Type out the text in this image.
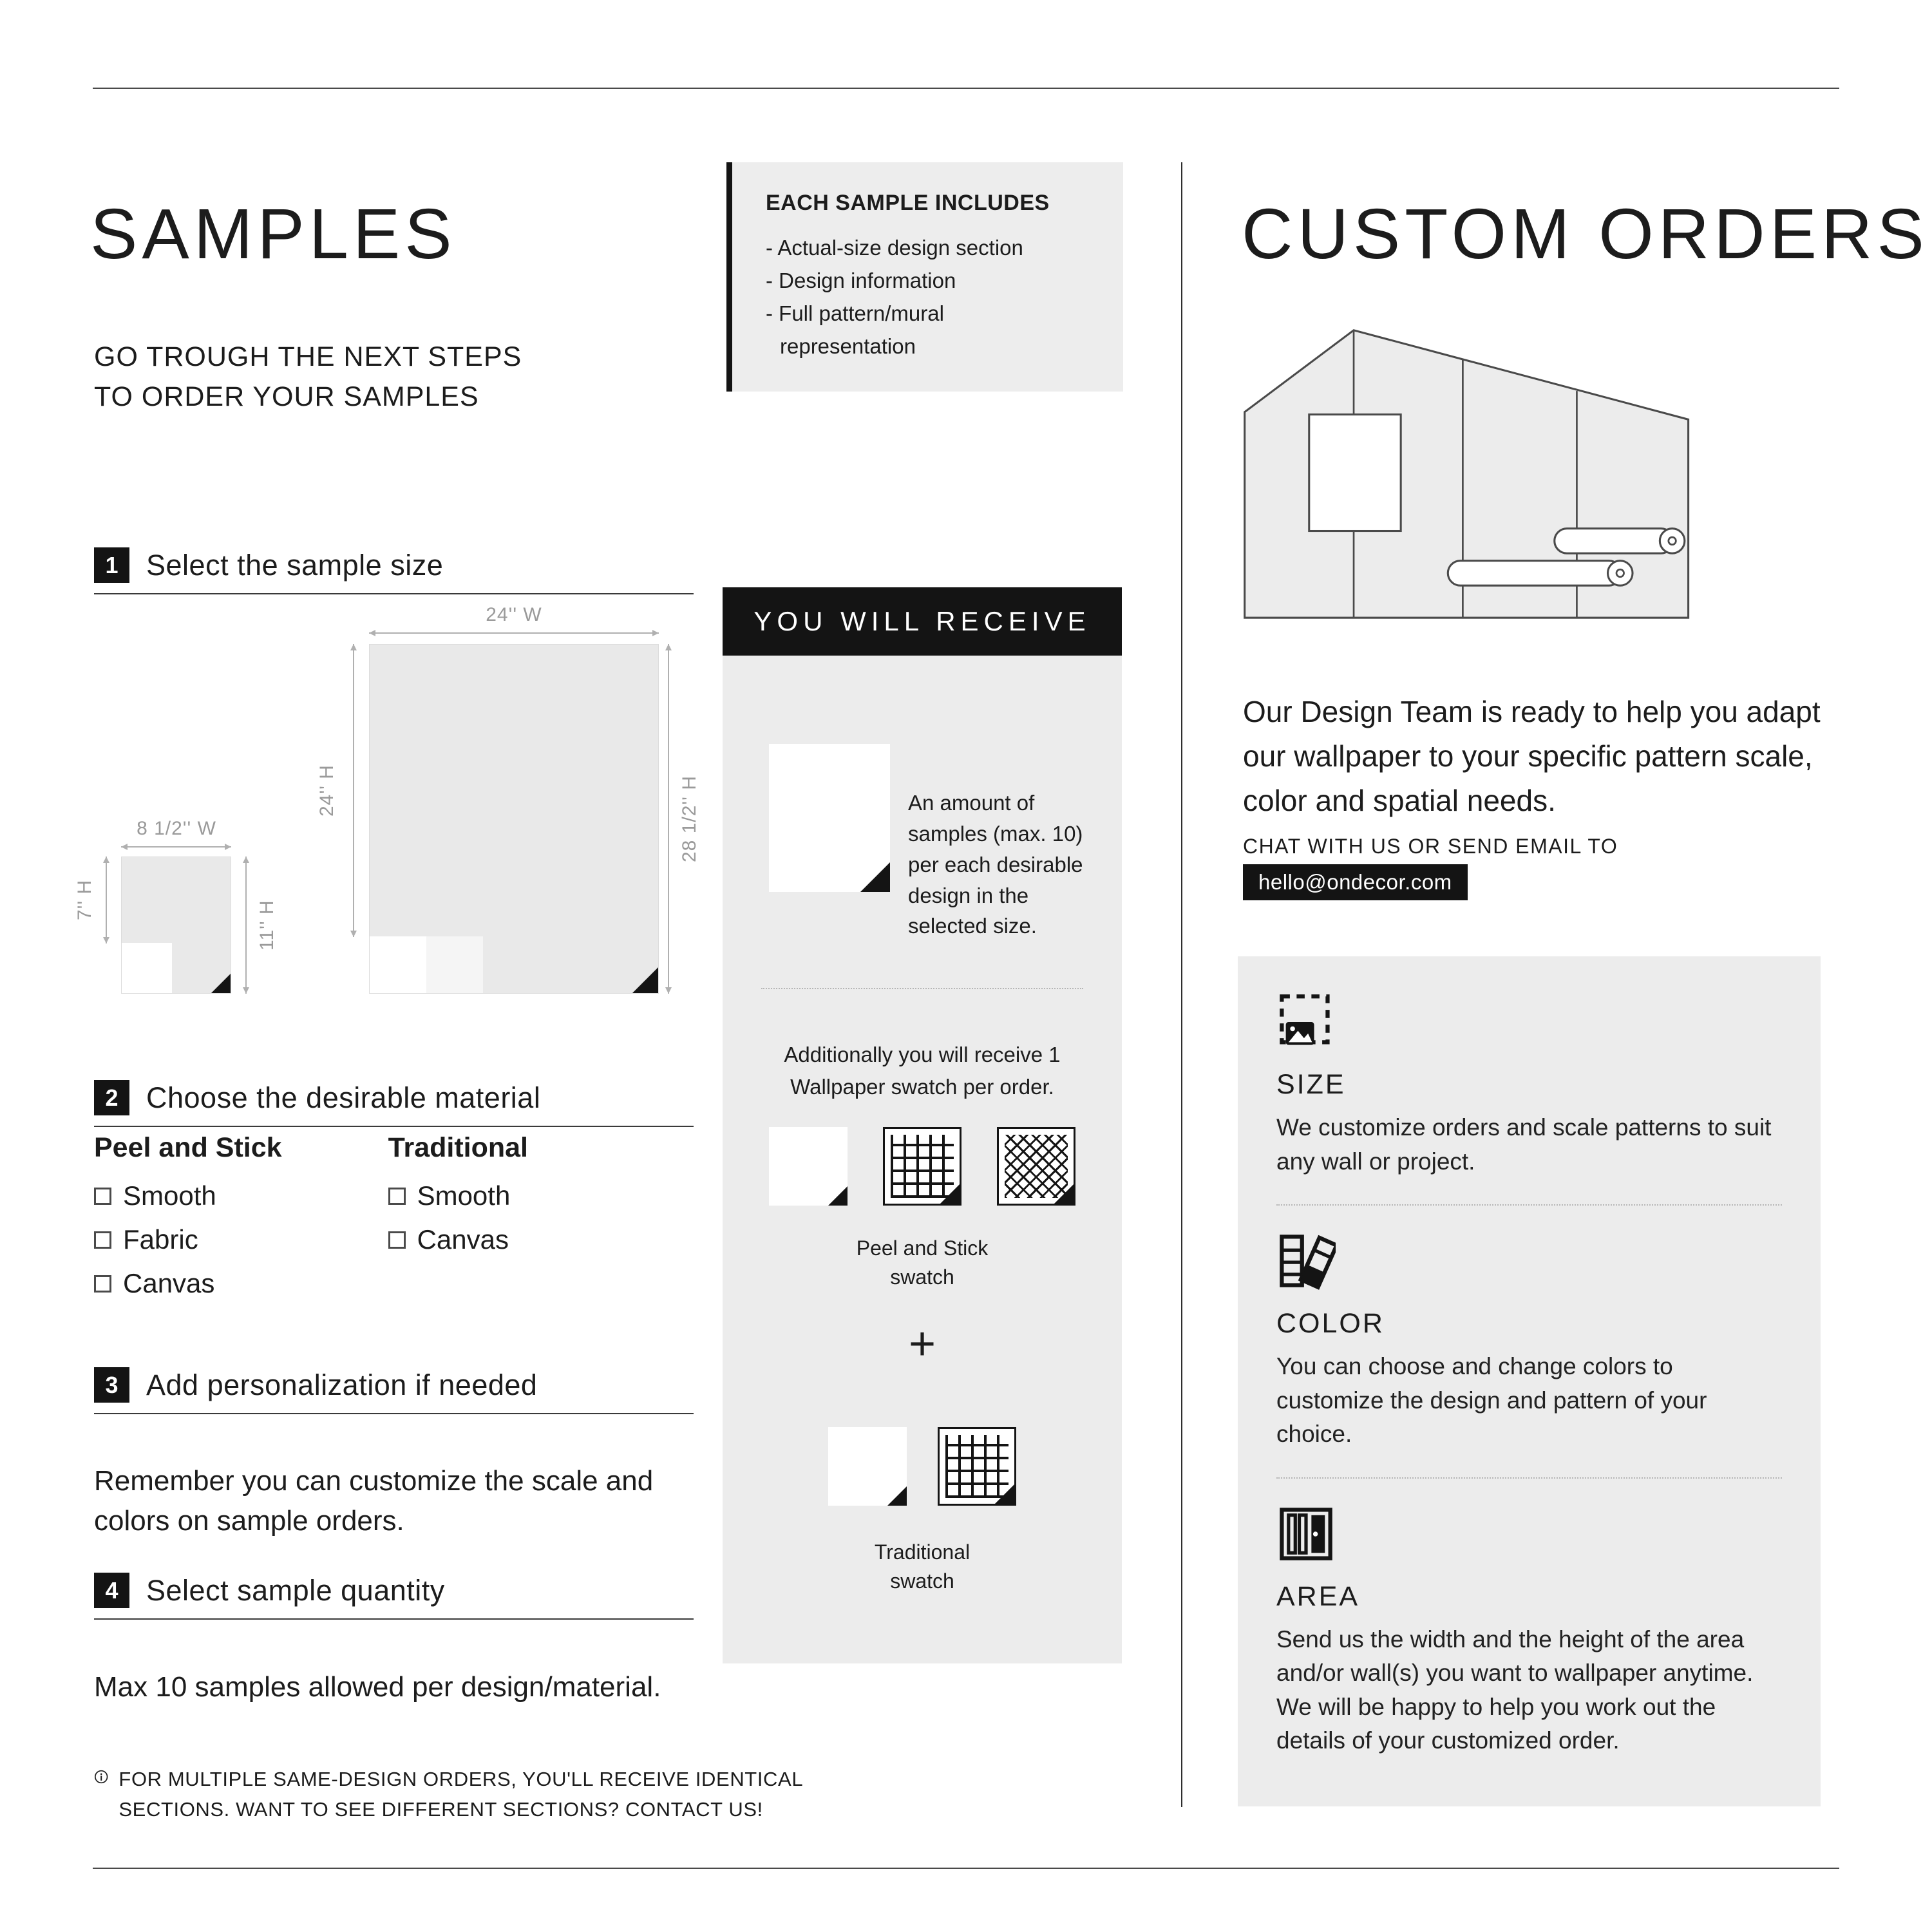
SAMPLES

GO TROUGH THE NEXT STEPS
TO ORDER YOUR SAMPLES

EACH SAMPLE INCLUDES
- Actual-size design section
- Design information
- Full pattern/mural representation
1 Select the sample size
24'' W
24'' H	28 1/2'' H
8 1/2'' W
7'' H	11'' H
2 Choose the desirable material
Peel and Stick
Smooth
Fabric
Canvas
Traditional
Smooth
Canvas
3 Add personalization if needed

Remember you can customize the scale and colors on sample orders.

4 Select sample quantity

Max 10 samples allowed per design/material.

FOR MULTIPLE SAME-DESIGN ORDERS, YOU'LL RECEIVE IDENTICAL SECTIONS. WANT TO SEE DIFFERENT SECTIONS? CONTACT US!
YOU WILL RECEIVE

An amount of samples (max. 10) per each desirable design in the selected size.

Additionally you will receive 1 Wallpaper swatch per order.

Peel and Stick swatch
+
Traditional swatch
CUSTOM ORDERS

Our Design Team is ready to help you adapt our wallpaper to your specific pattern scale, color and spatial needs.

CHAT WITH US OR SEND EMAIL TO
hello@ondecor.com
SIZE

We customize orders and scale patterns to suit any wall or project.

COLOR

You can choose and change colors to customize the design and pattern of your choice.

AREA

Send us the width and the height of the area and/or wall(s) you want to wallpaper anytime. We will be happy to help you work out the details of your customized order.
